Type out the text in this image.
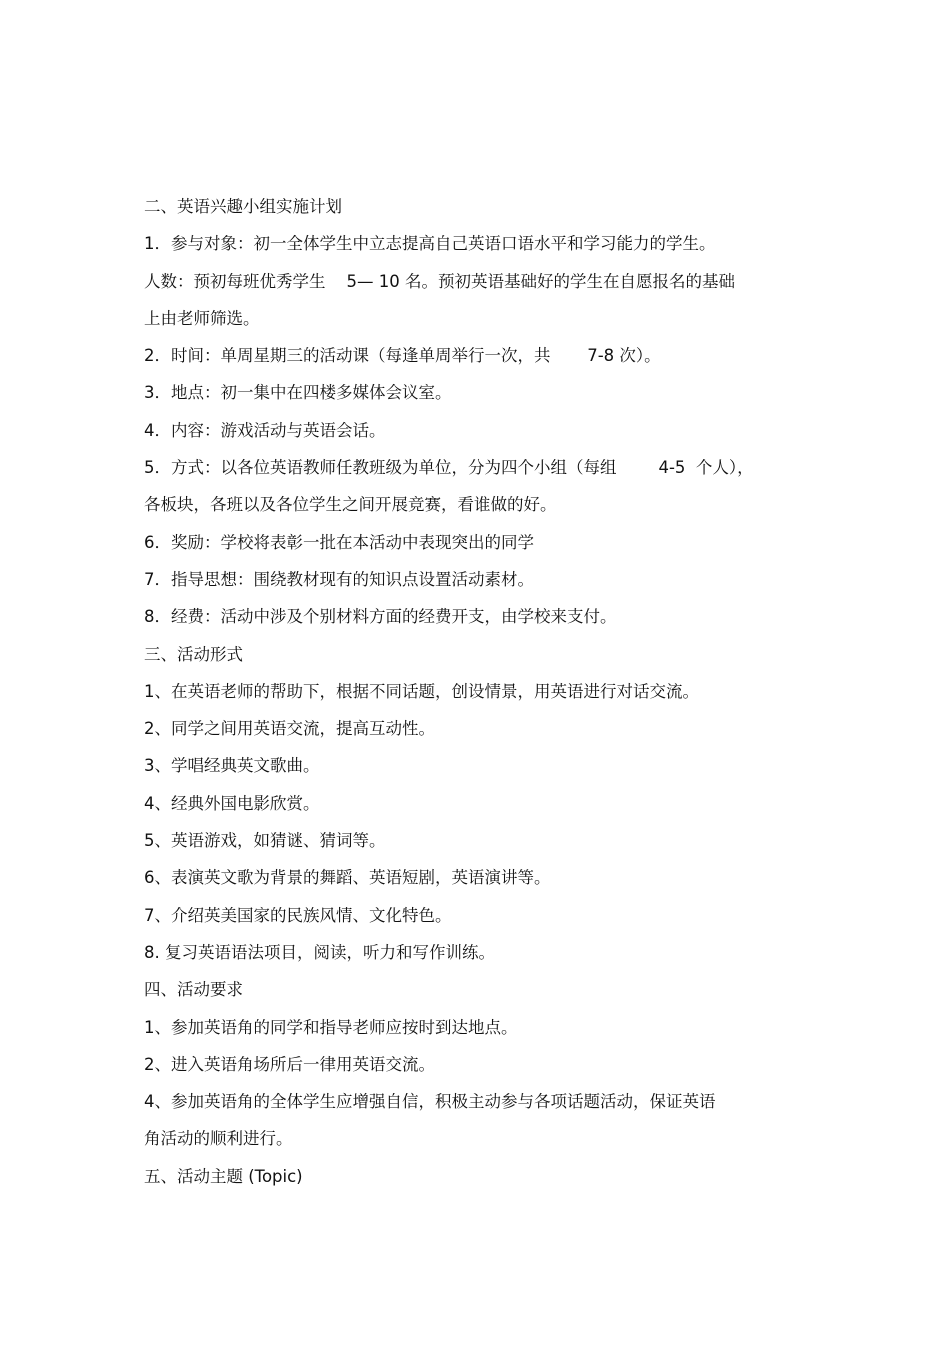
二、英语兴趣小组实施计划
1．参与对象：初一全体学生中立志提高自己英语口语水平和学习能力的学生。
人数：预初每班优秀学生    5— 10 名。预初英语基础好的学生在自愿报名的基础
上由老师筛选。
2．时间：单周星期三的活动课（每逢单周举行一次，共       7-8 次）。
3．地点：初一集中在四楼多媒体会议室。
4．内容：游戏活动与英语会话。
5．方式：以各位英语教师任教班级为单位，分为四个小组（每组        4-5  个人），
各板块，各班以及各位学生之间开展竞赛，看谁做的好。
6．奖励：学校将表彰一批在本活动中表现突出的同学
7．指导思想：围绕教材现有的知识点设置活动素材。
8．经费：活动中涉及个别材料方面的经费开支，由学校来支付。
三、活动形式
1、在英语老师的帮助下，根据不同话题，创设情景，用英语进行对话交流。
2、同学之间用英语交流，提高互动性。
3、学唱经典英文歌曲。
4、经典外国电影欣赏。
5、英语游戏，如猜谜、猜词等。
6、表演英文歌为背景的舞蹈、英语短剧，英语演讲等。
7、介绍英美国家的民族风情、文化特色。
8. 复习英语语法项目，阅读，听力和写作训练。
四、活动要求
1、参加英语角的同学和指导老师应按时到达地点。
2、进入英语角场所后一律用英语交流。
4、参加英语角的全体学生应增强自信，积极主动参与各项话题活动，保证英语
角活动的顺利进行。
五、活动主题 (Topic)
